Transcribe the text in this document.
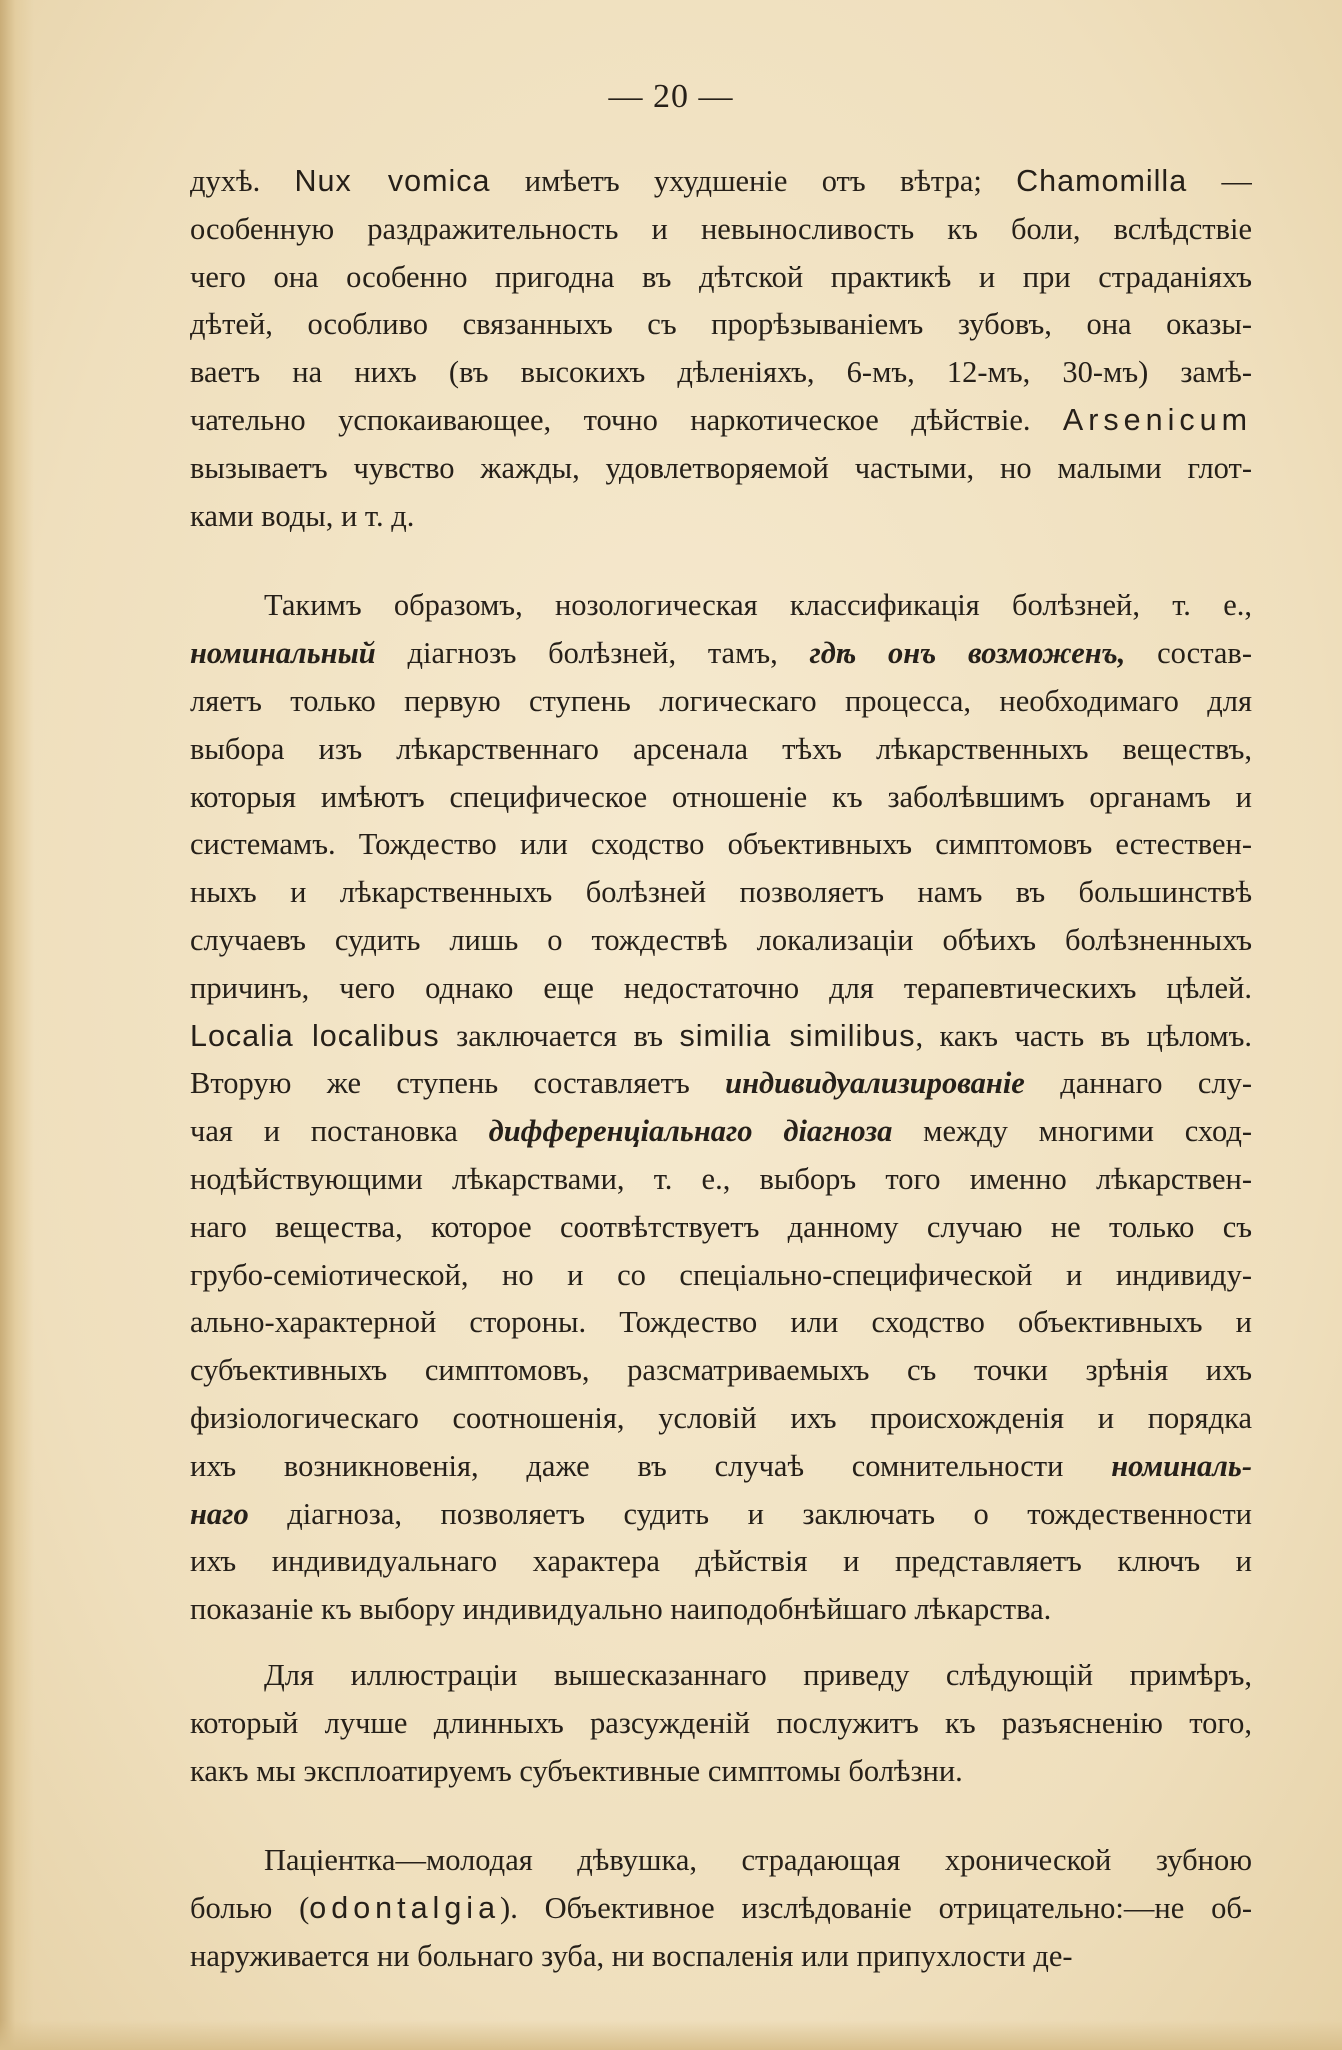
— 20 —
духѣ. Nux vomica имѣетъ ухудшеніе отъ вѣтра; Chamomilla —
особенную раздражительность и невыносливость къ боли, вслѣдствіе
чего она особенно пригодна въ дѣтской практикѣ и при страданіяхъ
дѣтей, особливо связанныхъ съ прорѣзываніемъ зубовъ, она оказы-
ваетъ на нихъ (въ высокихъ дѣленіяхъ, 6-мъ, 12-мъ, 30-мъ) замѣ-
чательно успокаивающее, точно наркотическое дѣйствіе. Arsenicum
вызываетъ чувство жажды, удовлетворяемой частыми, но малыми глот-
ками воды, и т. д.
Такимъ образомъ, нозологическая классификація болѣзней, т. е.,
номинальный діагнозъ болѣзней, тамъ, гдѣ онъ возможенъ, состав-
ляетъ только первую ступень логическаго процесса, необходимаго для
выбора изъ лѣкарственнаго арсенала тѣхъ лѣкарственныхъ веществъ,
которыя имѣютъ специфическое отношеніе къ заболѣвшимъ органамъ и
системамъ. Тождество или сходство объективныхъ симптомовъ естествен-
ныхъ и лѣкарственныхъ болѣзней позволяетъ намъ въ большинствѣ
случаевъ судить лишь о тождествѣ локализаціи обѣихъ болѣзненныхъ
причинъ, чего однако еще недостаточно для терапевтическихъ цѣлей.
Localia localibus заключается въ similia similibus, какъ часть въ цѣломъ.
Вторую же ступень составляетъ индивидуализированіе даннаго слу-
чая и постановка дифференціальнаго діагноза между многими сход-
нодѣйствующими лѣкарствами, т. е., выборъ того именно лѣкарствен-
наго вещества, которое соотвѣтствуетъ данному случаю не только съ
грубо-семіотической, но и со спеціально-специфической и индивиду-
ально-характерной стороны. Тождество или сходство объективныхъ и
субъективныхъ симптомовъ, разсматриваемыхъ съ точки зрѣнія ихъ
физіологическаго соотношенія, условій ихъ происхожденія и порядка
ихъ возникновенія, даже въ случаѣ сомнительности номиналь-
наго діагноза, позволяетъ судить и заключать о тождественности
ихъ индивидуальнаго характера дѣйствія и представляетъ ключъ и
показаніе къ выбору индивидуально наиподобнѣйшаго лѣкарства.
Для иллюстраціи вышесказаннаго приведу слѣдующій примѣръ,
который лучше длинныхъ разсужденій послужитъ къ разъясненію того,
какъ мы эксплоатируемъ субъективные симптомы болѣзни.
Паціентка—молодая дѣвушка, страдающая хронической зубною
болью (odontalgia). Объективное изслѣдованіе отрицательно:—не об-
наруживается ни больнаго зуба, ни воспаленія или припухлости де-
